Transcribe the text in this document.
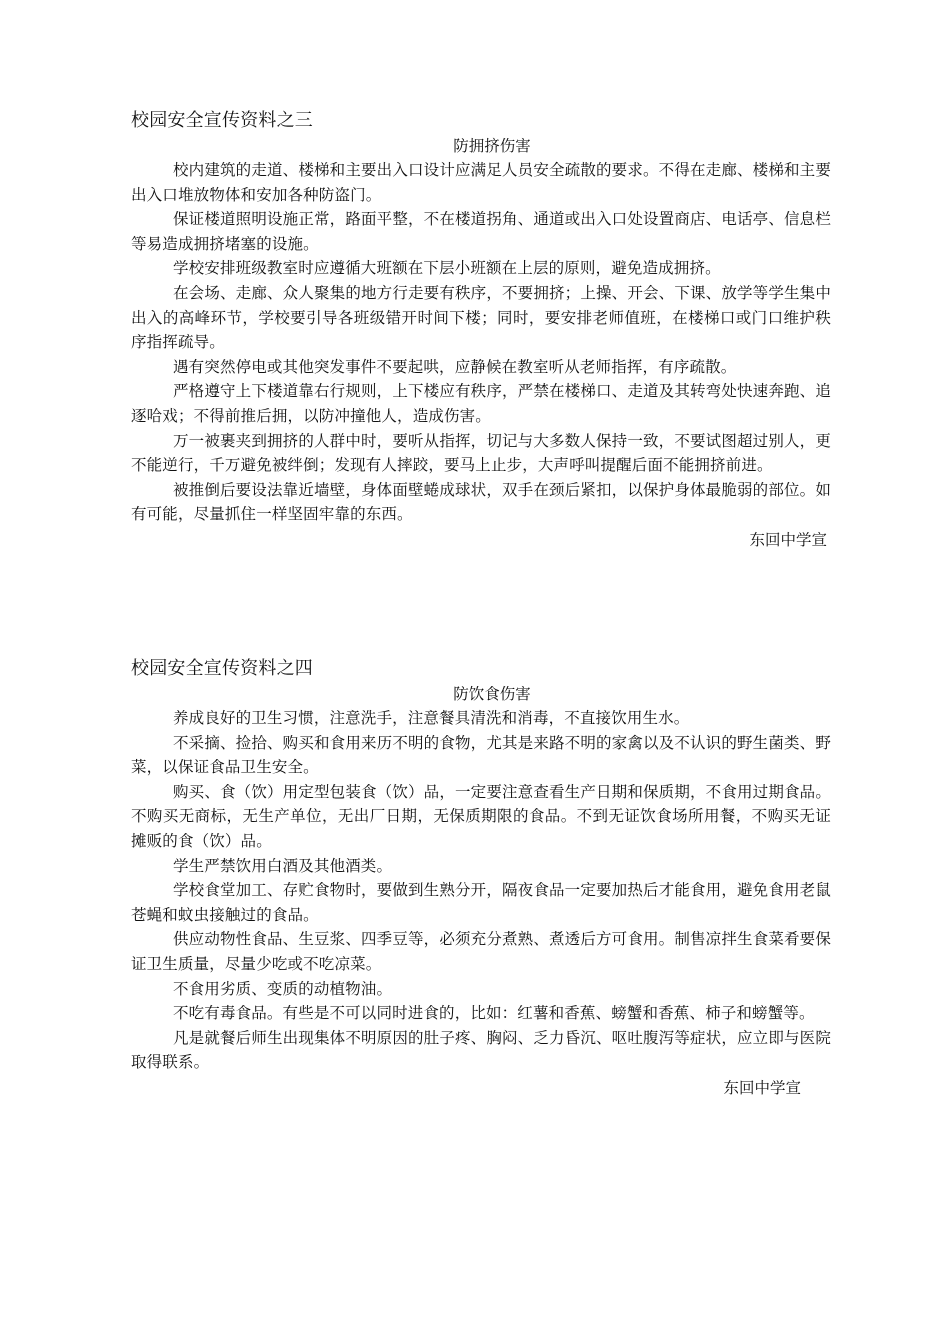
校园安全宣传资料之三
防拥挤伤害

校内建筑的走道、楼梯和主要出入口设计应满足人员安全疏散的要求。不得在走廊、楼梯和主要出入口堆放物体和安加各种防盗门。

保证楼道照明设施正常，路面平整，不在楼道拐角、通道或出入口处设置商店、电话亭、信息栏等易造成拥挤堵塞的设施。

学校安排班级教室时应遵循大班额在下层小班额在上层的原则，避免造成拥挤。

在会场、走廊、众人聚集的地方行走要有秩序，不要拥挤；上操、开会、下课、放学等学生集中出入的高峰环节，学校要引导各班级错开时间下楼；同时，要安排老师值班，在楼梯口或门口维护秩序指挥疏导。

遇有突然停电或其他突发事件不要起哄，应静候在教室听从老师指挥，有序疏散。

严格遵守上下楼道靠右行规则，上下楼应有秩序，严禁在楼梯口、走道及其转弯处快速奔跑、追逐哈戏；不得前推后拥，以防冲撞他人，造成伤害。

万一被裹夹到拥挤的人群中时，要听从指挥，切记与大多数人保持一致，不要试图超过别人，更不能逆行，千万避免被绊倒；发现有人摔跤，要马上止步，大声呼叫提醒后面不能拥挤前进。

被推倒后要设法靠近墙壁，身体面壁蜷成球状，双手在颈后紧扣，以保护身体最脆弱的部位。如有可能，尽量抓住一样坚固牢靠的东西。

东回中学宣
校园安全宣传资料之四
防饮食伤害

养成良好的卫生习惯，注意洗手，注意餐具清洗和消毒，不直接饮用生水。

不采摘、捡拾、购买和食用来历不明的食物，尤其是来路不明的家禽以及不认识的野生菌类、野菜，以保证食品卫生安全。

购买、食（饮）用定型包装食（饮）品，一定要注意查看生产日期和保质期，不食用过期食品。不购买无商标，无生产单位，无出厂日期，无保质期限的食品。不到无证饮食场所用餐，不购买无证摊贩的食（饮）品。

学生严禁饮用白酒及其他酒类。

学校食堂加工、存贮食物时，要做到生熟分开，隔夜食品一定要加热后才能食用，避免食用老鼠苍蝇和蚊虫接触过的食品。

供应动物性食品、生豆浆、四季豆等，必须充分煮熟、煮透后方可食用。制售凉拌生食菜肴要保证卫生质量，尽量少吃或不吃凉菜。

不食用劣质、变质的动植物油。

不吃有毒食品。有些是不可以同时进食的，比如：红薯和香蕉、螃蟹和香蕉、柿子和螃蟹等。

凡是就餐后师生出现集体不明原因的肚子疼、胸闷、乏力昏沉、呕吐腹泻等症状，应立即与医院取得联系。

东回中学宣
